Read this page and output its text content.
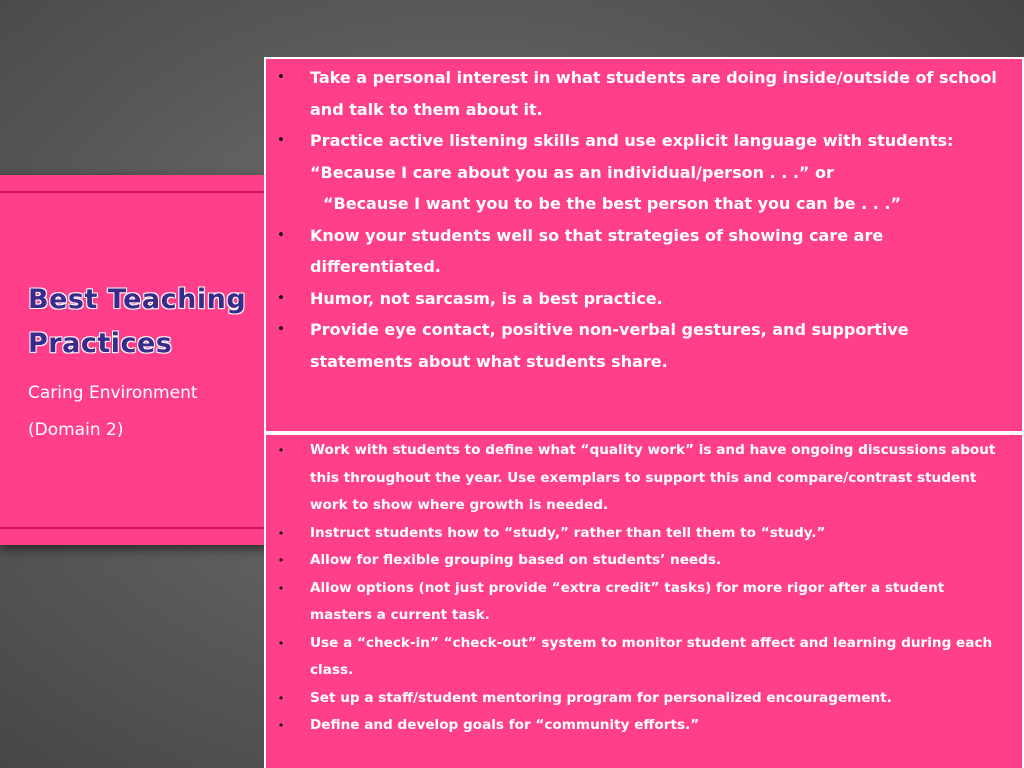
Best Teaching
Practices
Caring Environment
(Domain 2)
• Take a personal interest in what students are doing inside/outside of school and talk to them about it.
• Practice active listening skills and use explicit language with students: “Because I care about you as an individual/person . . .” or
“Because I want you to be the best person that you can be . . .”
• Know your students well so that strategies of showing care are differentiated.
• Humor, not sarcasm, is a best practice.
• Provide eye contact, positive non-verbal gestures, and supportive statements about what students share.
• Work with students to define what “quality work” is and have ongoing discussions about this throughout the year. Use exemplars to support this and compare/contrast student work to show where growth is needed.
• Instruct students how to “study,” rather than tell them to “study.”
• Allow for flexible grouping based on students’ needs.
• Allow options (not just provide “extra credit” tasks) for more rigor after a student masters a current task.
• Use a “check-in” “check-out” system to monitor student affect and learning during each class.
• Set up a staff/student mentoring program for personalized encouragement.
• Define and develop goals for “community efforts.”
